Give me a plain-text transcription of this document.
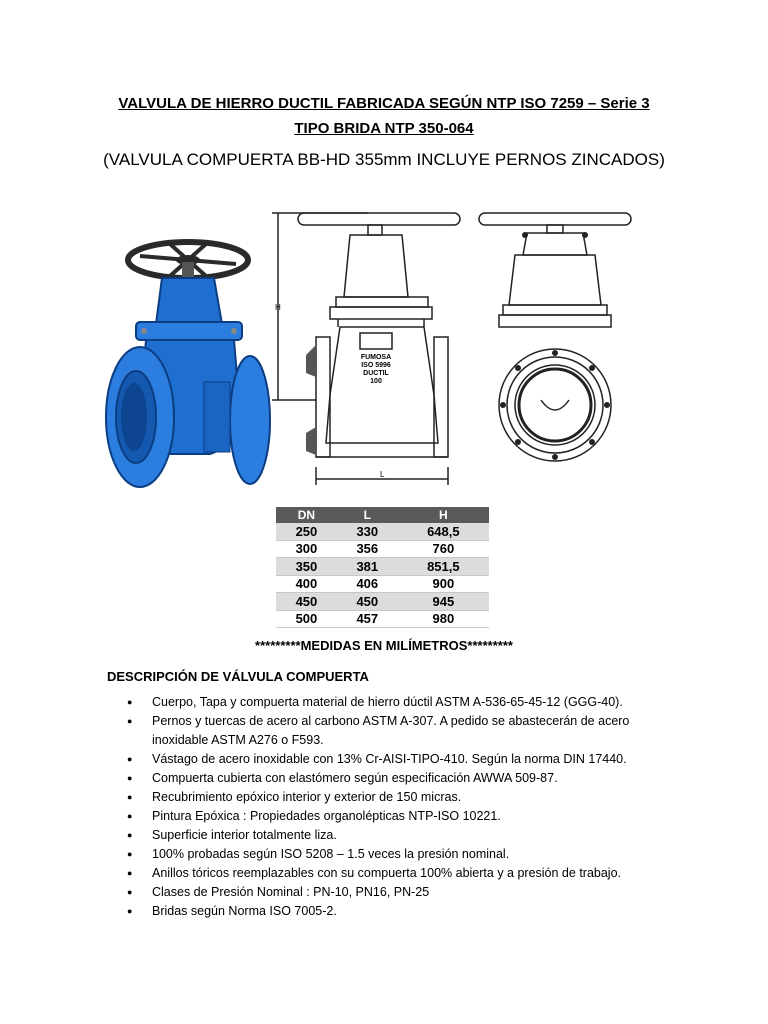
VALVULA DE HIERRO DUCTIL FABRICADA SEGÚN NTP ISO 7259 – Serie 3
TIPO BRIDA NTP 350-064
(VALVULA COMPUERTA BB-HD 355mm INCLUYE PERNOS ZINCADOS)
H
L
FUMOSA
ISO 5996
DUCTIL
100
DN	L	H
250	330	648,5
300	356	760
350	381	851,5
400	406	900
450	450	945
500	457	980
*********MEDIDAS EN MILÍMETROS*********
DESCRIPCIÓN DE VÁLVULA COMPUERTA
● Cuerpo, Tapa y compuerta material de hierro dúctil ASTM A-536-65-45-12 (GGG-40).
● Pernos y tuercas de acero al carbono ASTM A-307. A pedido se abastecerán de acero inoxidable ASTM A276 o F593.
● Vástago de acero inoxidable con 13% Cr-AISI-TIPO-410. Según la norma DIN 17440.
● Compuerta cubierta con elastómero según especificación AWWA 509-87.
● Recubrimiento epóxico interior y exterior de 150 micras.
● Pintura Epóxica : Propiedades organolépticas NTP-ISO 10221.
● Superficie interior totalmente liza.
● 100% probadas según ISO 5208 – 1.5 veces la presión nominal.
● Anillos tóricos reemplazables con su compuerta 100% abierta y a presión de trabajo.
● Clases de Presión Nominal : PN-10, PN16, PN-25
● Bridas según Norma ISO 7005-2.
